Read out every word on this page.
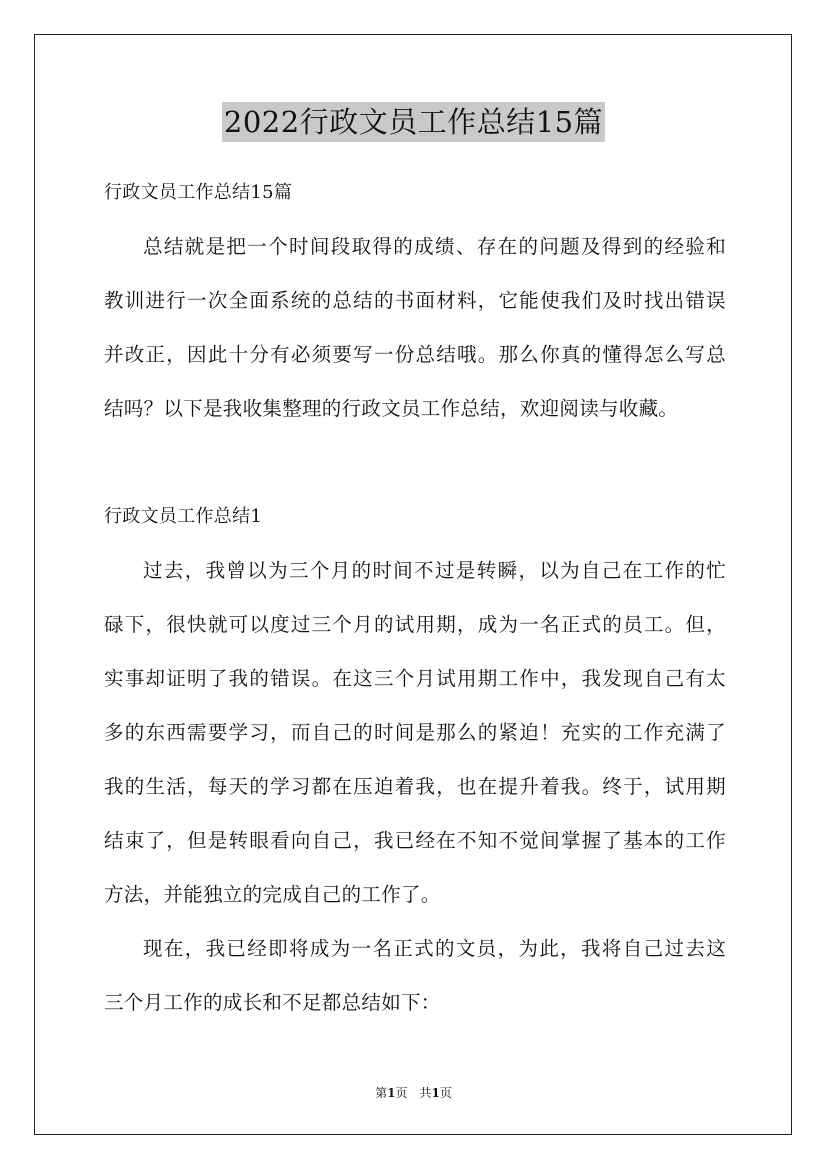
2022行政文员工作总结15篇
行政文员工作总结15篇
总结就是把一个时间段取得的成绩、存在的问题及得到的经验和
教训进行一次全面系统的总结的书面材料，它能使我们及时找出错误
并改正，因此十分有必须要写一份总结哦。那么你真的懂得怎么写总
结吗？以下是我收集整理的行政文员工作总结，欢迎阅读与收藏。
行政文员工作总结1
过去，我曾以为三个月的时间不过是转瞬，以为自己在工作的忙
碌下，很快就可以度过三个月的试用期，成为一名正式的员工。但，
实事却证明了我的错误。在这三个月试用期工作中，我发现自己有太
多的东西需要学习，而自己的时间是那么的紧迫！充实的工作充满了
我的生活，每天的学习都在压迫着我，也在提升着我。终于，试用期
结束了，但是转眼看向自己，我已经在不知不觉间掌握了基本的工作
方法，并能独立的完成自己的工作了。
现在，我已经即将成为一名正式的文员，为此，我将自己过去这
三个月工作的成长和不足都总结如下：
第1页　共1页
